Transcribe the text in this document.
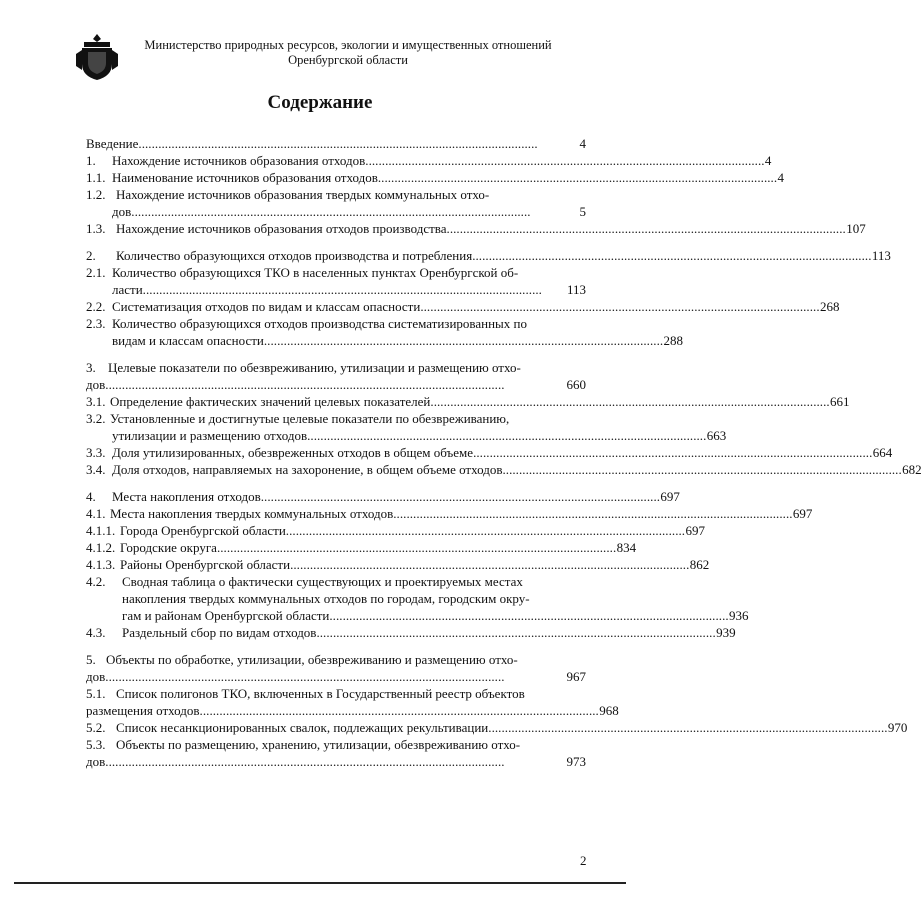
Министерство природных ресурсов, экологии и имущественных отношений
Оренбургской области
Содержание
Введение . . .	4
1.	Нахождение источников образования отходов . . .	4
1.1. Наименование источников образования отходов . . .	4
1.2. Нахождение источников образования твердых коммунальных отхо-
дов . . .	5
1.3. Нахождение источников образования отходов производства . . .	107
2.	Количество образующихся отходов производства и потребления . . .	113
2.1. Количество образующихся ТКО в населенных пунктах Оренбургской об-
ласти . . .	113
2.2. Систематизация отходов по видам и классам опасности . . .	268
2.3. Количество образующихся отходов производства систематизированных по
видам и классам опасности . . .	288
3. Целевые показатели по обезвреживанию, утилизации и размещению отхо-
дов . . .	660
3.1. Определение фактических значений целевых показателей . . .	661
3.2. Установленные и достигнутые целевые показатели по обезвреживанию,
утилизации и размещению отходов . . .	663
3.3. Доля утилизированных, обезвреженных отходов в общем объеме . . .	664
3.4. Доля отходов, направляемых на захоронение, в общем объеме отходов . . .	682
4.	Места накопления отходов . . .	697
4.1. Места накопления твердых коммунальных отходов . . .	697
4.1.1. Города Оренбургской области . . .	697
4.1.2. Городские округа . . .	834
4.1.3. Районы Оренбургской области . . .	862
4.2.	Сводная таблица о фактически существующих и проектируемых местах
накопления твердых коммунальных отходов по городам, городским окру-
гам и районам Оренбургской области . . .	936
4.3.	Раздельный сбор по видам отходов . . .	939
5. Объекты по обработке, утилизации, обезвреживанию и размещению отхо-
дов . . .	967
5.1. Список полигонов ТКО, включенных в Государственный реестр объектов
размещения отходов . . .	968
5.2. Список несанкционированных свалок, подлежащих рекультивации . . .	970
5.3. Объекты по размещению, хранению, утилизации, обезвреживанию отхо-
дов . . .	973
2
